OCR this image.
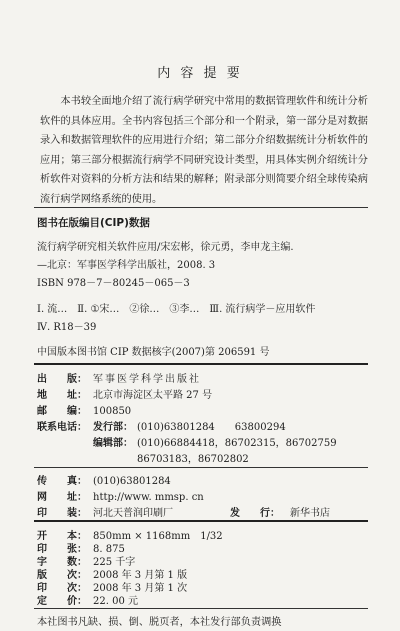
内 容 提 要
本书较全面地介绍了流行病学研究中常用的数据管理软件和统计分析软件的具体应用。全书内容包括三个部分和一个附录，第一部分是对数据录入和数据管理软件的应用进行介绍；第二部分介绍数据统计分析软件的应用；第三部分根据流行病学不同研究设计类型，用具体实例介绍统计分析软件对资料的分析方法和结果的解释；附录部分则简要介绍全球传染病流行病学网络系统的使用。
图书在版编目(CIP)数据
流行病学研究相关软件应用/宋宏彬，徐元勇，李申龙主编.
—北京：军事医学科学出版社，2008. 3
ISBN 978－7－80245－065－3
Ⅰ. 流…　Ⅱ. ①宋…　②徐…　③李…　Ⅲ. 流行病学－应用软件
Ⅳ. R18－39
中国版本图书馆 CIP 数据核字(2007)第 206591 号
出　　版： 军事医学科学出版社
地　　址： 北京市海淀区太平路 27 号
邮　　编： 100850
联系电话： 发行部： (010)63801284　　63800294
编辑部： (010)66884418，86702315，86702759
86703183，86702802
传　　真： (010)63801284
网　　址： http://www. mmsp. cn
印　　装： 河北天普润印刷厂	发　　行： 新华书店
开　　本： 850mm × 1168mm　1/32
印　　张： 8. 875
字　　数： 225 千字
版　　次： 2008 年 3 月第 1 版
印　　次： 2008 年 3 月第 1 次
定　　价： 22. 00 元
本社图书凡缺、损、倒、脱页者，本社发行部负责调换
